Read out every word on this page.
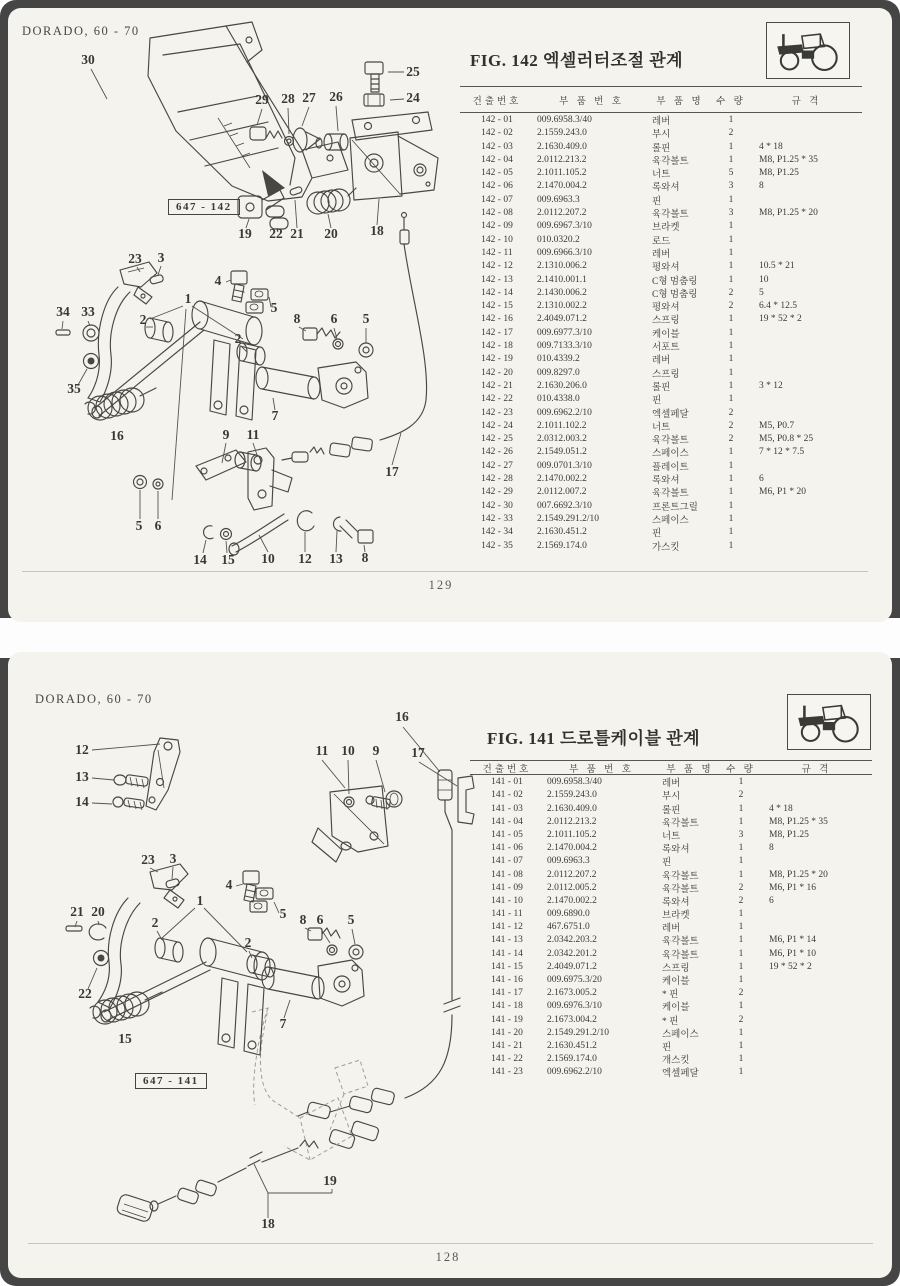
30
25
24
29 28 27 26
19 22 21 20 18
23 3
4
5
34 33
1
2
2
8 6 5
35
16
7
9 11
17
5 6
14 15 10 12 13 8
DORADO, 60 - 70
FIG. 142 엑셀러터조절 관계
647 - 142
건출번호	부 품 번 호	부 품 명	수 량	규 격
142 - 01	009.6958.3/40	레버	1
142 - 02	2.1559.243.0	부시	2
142 - 03	2.1630.409.0	롤핀	1	4 * 18
142 - 04	2.0112.213.2	육각볼트	1	M8, P1.25 * 35
142 - 05	2.1011.105.2	너트	5	M8, P1.25
142 - 06	2.1470.004.2	록와셔	3	8
142 - 07	009.6963.3	핀	1
142 - 08	2.0112.207.2	육각볼트	3	M8, P1.25 * 20
142 - 09	009.6967.3/10	브라켓	1
142 - 10	010.0320.2	로드	1
142 - 11	009.6966.3/10	레버	1
142 - 12	2.1310.006.2	평와셔	1	10.5 * 21
142 - 13	2.1410.001.1	C형 멈춤링	1	10
142 - 14	2.1430.006.2	C형 멈춤링	2	5
142 - 15	2.1310.002.2	평와셔	2	6.4 * 12.5
142 - 16	2.4049.071.2	스프링	1	19 * 52 * 2
142 - 17	009.6977.3/10	케이블	1
142 - 18	009.7133.3/10	서포트	1
142 - 19	010.4339.2	레버	1
142 - 20	009.8297.0	스프링	1
142 - 21	2.1630.206.0	롤핀	1	3 * 12
142 - 22	010.4338.0	핀	1
142 - 23	009.6962.2/10	엑셀페달	2
142 - 24	2.1011.102.2	너트	2	M5, P0.7
142 - 25	2.0312.003.2	육각볼트	2	M5, P0.8 * 25
142 - 26	2.1549.051.2	스페이스	1	7 * 12 * 7.5
142 - 27	009.0701.3/10	플레이트	1
142 - 28	2.1470.002.2	록와셔	1	6
142 - 29	2.0112.007.2	육각볼트	1	M6, P1 * 20
142 - 30	007.6692.3/10	프론트그릴	1
142 - 33	2.1549.291.2/10	스페이스	1
142 - 34	2.1630.451.2	핀	1
142 - 35	2.1569.174.0	가스킷	1
129
12
13
14
11 10 9
16
17
23 3
4
5
21 20
22
1
2
2
8 6 5
7
15
19
18
DORADO, 60 - 70
FIG. 141 드로틀케이블 관계
647 - 141
건출번호	부 품 번 호	부 품 명	수 량	규 격
141 - 01	009.6958.3/40	레버	1
141 - 02	2.1559.243.0	부시	2
141 - 03	2.1630.409.0	롤핀	1	4 * 18
141 - 04	2.0112.213.2	육각볼트	1	M8, P1.25 * 35
141 - 05	2.1011.105.2	너트	3	M8, P1.25
141 - 06	2.1470.004.2	록와셔	1	8
141 - 07	009.6963.3	핀	1
141 - 08	2.0112.207.2	육각볼트	1	M8, P1.25 * 20
141 - 09	2.0112.005.2	육각볼트	2	M6, P1 * 16
141 - 10	2.1470.002.2	록와셔	2	6
141 - 11	009.6890.0	브라켓	1
141 - 12	467.6751.0	레버	1
141 - 13	2.0342.203.2	육각볼트	1	M6, P1 * 14
141 - 14	2.0342.201.2	육각볼트	1	M6, P1 * 10
141 - 15	2.4049.071.2	스프링	1	19 * 52 * 2
141 - 16	009.6975.3/20	케이블	1
141 - 17	2.1673.005.2	* 핀	2
141 - 18	009.6976.3/10	케이블	1
141 - 19	2.1673.004.2	* 핀	2
141 - 20	2.1549.291.2/10	스페이스	1
141 - 21	2.1630.451.2	핀	1
141 - 22	2.1569.174.0	개스킷	1
141 - 23	009.6962.2/10	엑셀페달	1
128
